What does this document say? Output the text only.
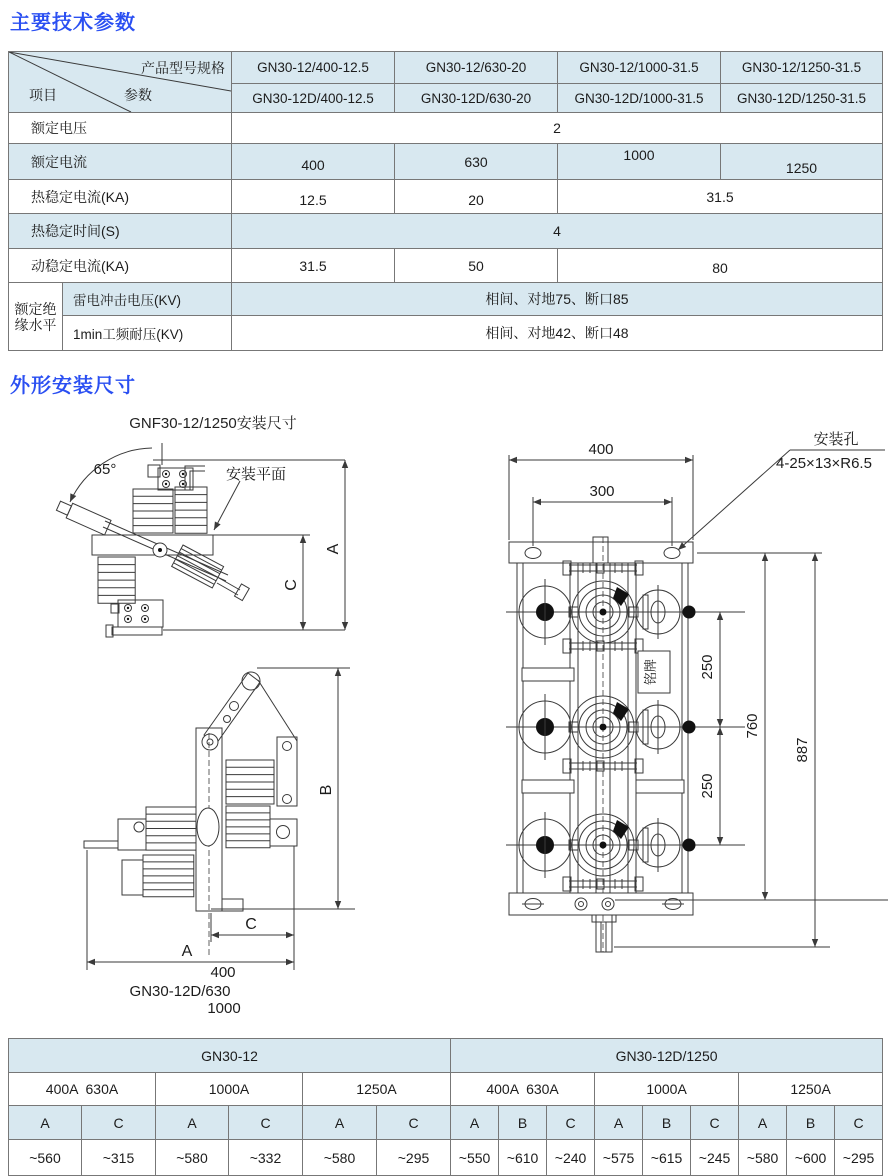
主要技术参数
产品型号规格
参数
项目		GN30-12/400-12.5	GN30-12/630-20	GN30-12/1000-31.5	GN30-12/1250-31.5
		GN30-12D/400-12.5	GN30-12D/630-20	GN30-12D/1000-31.5	GN30-12D/1250-31.5
额定电压		2			
额定电流		400	630	1000	1250
热稳定电流(KA)		12.5	20	31.5	
热稳定时间(S)		4			
动稳定电流(KA)		31.5	50	80	
额定绝缘水平	雷电冲击电压(KV)	相间、对地75、断口85			
	1min工频耐压(KV)	相间、对地42、断口48			
外形安装尺寸
GNF30-12/1250安装尺寸
65°	安装平面
A
C
B
C
A
400
GN30-12D/630
1000
400
300
安装孔
4-25×13×R6.5
250
250
760
887
铭牌
GN30-12						GN30-12D/1250								
400A  630A		1000A		1250A		400A  630A			1000A			1250A		
A	C	A	C	A	C	A	B	C	A	B	C	A	B	C
~560	~315	~580	~332	~580	~295	~550	~610	~240	~575	~615	~245	~580	~600	~295
